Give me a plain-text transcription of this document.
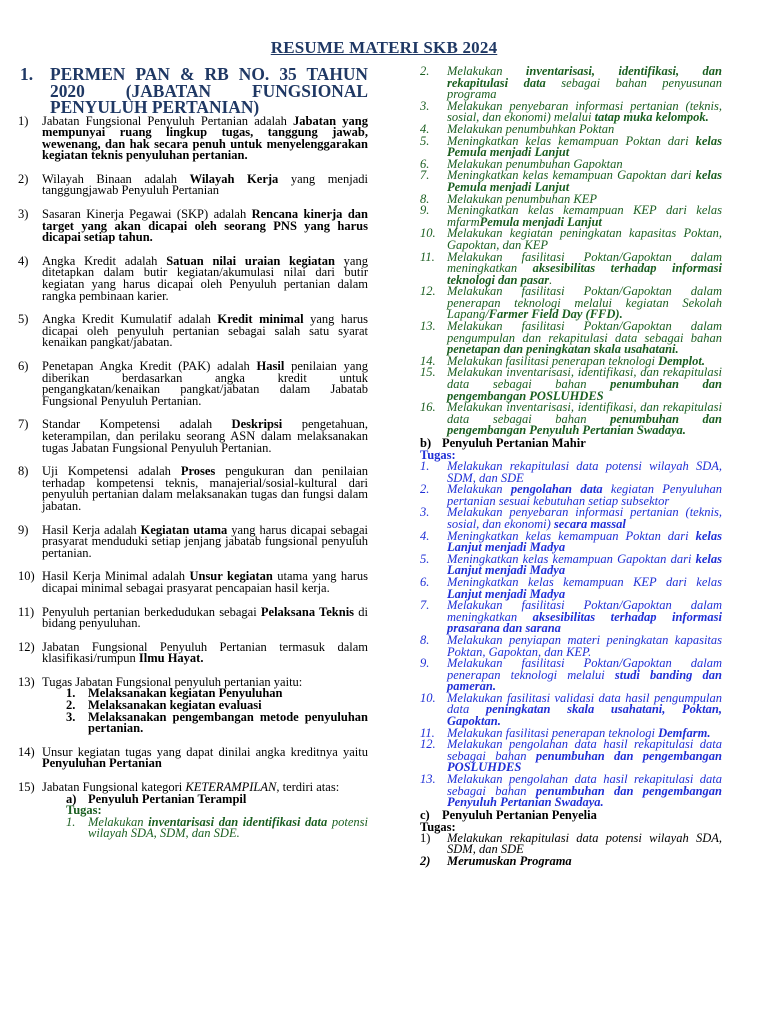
RESUME MATERI SKB 2024
1. PERMEN PAN & RB NO. 35 TAHUN 2020 (JABATAN FUNGSIONAL PENYULUH PERTANIAN)
1)	Jabatan Fungsional Penyuluh Pertanian adalah Jabatan yang mempunyai ruang lingkup tugas, tanggung jawab, wewenang, dan hak secara penuh untuk menyelenggarakan kegiatan teknis penyuluhan pertanian.
2)	Wilayah Binaan adalah Wilayah Kerja yang menjadi tanggungjawab Penyuluh Pertanian
3)	Sasaran Kinerja Pegawai (SKP) adalah Rencana kinerja dan target yang akan dicapai oleh seorang PNS yang harus dicapai setiap tahun.
4)	Angka Kredit adalah Satuan nilai uraian kegiatan yang ditetapkan dalam butir kegiatan/akumulasi nilai dari butir kegiatan yang harus dicapai oleh Penyuluh pertanian dalam rangka pembinaan karier.
5)	Angka Kredit Kumulatif adalah Kredit minimal yang harus dicapai oleh penyuluh pertanian sebagai salah satu syarat kenaikan pangkat/jabatan.
6)	Penetapan Angka Kredit (PAK) adalah Hasil penilaian yang diberikan berdasarkan angka kredit untuk pengangkatan/kenaikan pangkat/jabatan dalam Jabatab Fungsional Penyuluh Pertanian.
7)	Standar Kompetensi adalah Deskripsi pengetahuan, keterampilan, dan perilaku seorang ASN dalam melaksanakan tugas Jabatan Fungsional Penyuluh Pertanian.
8)	Uji Kompetensi adalah Proses pengukuran dan penilaian terhadap kompetensi teknis, manajerial/sosial-kultural dari penyuluh pertanian dalam melaksanakan tugas dan fungsi dalam jabatan.
9)	Hasil Kerja adalah Kegiatan utama yang harus dicapai sebagai prasyarat menduduki setiap jenjang jabatab fungsional penyuluh pertanian.
10) Hasil Kerja Minimal adalah Unsur kegiatan utama yang harus dicapai minimal sebagai prasyarat pencapaian hasil kerja.
11) Penyuluh pertanian berkedudukan sebagai Pelaksana Teknis di bidang penyuluhan.
12) Jabatan Fungsional Penyuluh Pertanian termasuk dalam klasifikasi/rumpun Ilmu Hayat.
13) Tugas Jabatan Fungsional penyuluh pertanian yaitu:
1.	Melaksanakan kegiatan Penyuluhan
2.	Melaksanakan kegiatan evaluasi
3.	Melaksanakan pengembangan metode penyuluhan pertanian.
14) Unsur kegiatan tugas yang dapat dinilai angka kreditnya yaitu Penyuluhan Pertanian
15) Jabatan Fungsional kategori KETERAMPILAN, terdiri atas:
a) Penyuluh Pertanian Terampil
Tugas:
1.	Melakukan inventarisasi dan identifikasi data potensi wilayah SDA, SDM, dan SDE.
2.	Melakukan inventarisasi, identifikasi, dan rekapitulasi data sebagai bahan penyusunan programa
3.	Melakukan penyebaran informasi pertanian (teknis, sosial, dan ekonomi) melalui tatap muka kelompok.
4.	Melakukan penumbuhkan Poktan
5.	Meningkatkan kelas kemampuan Poktan dari kelas Pemula menjadi Lanjut
6.	Melakukan penumbuhan Gapoktan
7.	Meningkatkan kelas kemampuan Gapoktan dari kelas Pemula menjadi Lanjut
8.	Melakukan penumbuhan KEP
9.	Meningkatkan kelas kemampuan KEP dari kelas mfarmPemula menjadi Lanjut
10. Melakukan kegiatan peningkatan kapasitas Poktan, Gapoktan, dan KEP
11. Melakukan fasilitasi Poktan/Gapoktan dalam meningkatkan aksesibilitas terhadap informasi teknologi dan pasar.
12. Melakukan fasilitasi Poktan/Gapoktan dalam penerapan teknologi melalui kegiatan Sekolah Lapang/Farmer Field Day (FFD).
13. Melakukan fasilitasi Poktan/Gapoktan dalam pengumpulan dan rekapitulasi data sebagai bahan penetapan dan peningkatan skala usahatani.
14. Melakukan fasilitasi penerapan teknologi Demplot.
15. Melakukan inventarisasi, identifikasi, dan rekapitulasi data sebagai bahan penumbuhan dan pengembangan POSLUHDES
16. Melakukan inventarisasi, identifikasi, dan rekapitulasi data sebagai bahan penumbuhan dan pengembangan Penyuluh Pertanian Swadaya.
b) Penyuluh Pertanian Mahir
Tugas:
1.	Melakukan rekapitulasi data potensi wilayah SDA, SDM, dan SDE
2.	Melakukan pengolahan data kegiatan Penyuluhan pertanian sesuai kebutuhan setiap subsektor
3.	Melakukan penyebaran informasi pertanian (teknis, sosial, dan ekonomi) secara massal
4.	Meningkatkan kelas kemampuan Poktan dari kelas Lanjut menjadi Madya
5.	Meningkatkan kelas kemampuan Gapoktan dari kelas Lanjut menjadi Madya
6.	Meningkatkan kelas kemampuan KEP dari kelas Lanjut menjadi Madya
7.	Melakukan fasilitasi Poktan/Gapoktan dalam meningkatkan aksesibilitas terhadap informasi prasarana dan sarana
8.	Melakukan penyiapan materi peningkatan kapasitas Poktan, Gapoktan, dan KEP.
9.	Melakukan fasilitasi Poktan/Gapoktan dalam penerapan teknologi melalui studi banding dan pameran.
10. Melakukan fasilitasi validasi data hasil pengumpulan data peningkatan skala usahatani, Poktan, Gapoktan.
11. Melakukan fasilitasi penerapan teknologi Demfarm.
12. Melakukan pengolahan data hasil rekapitulasi data sebagai bahan penumbuhan dan pengembangan POSLUHDES
13. Melakukan pengolahan data hasil rekapitulasi data sebagai bahan penumbuhan dan pengembangan Penyuluh Pertanian Swadaya.
c) Penyuluh Pertanian Penyelia
Tugas:
1)	Melakukan rekapitulasi data potensi wilayah SDA, SDM, dan SDE
2)	Merumuskan Programa
